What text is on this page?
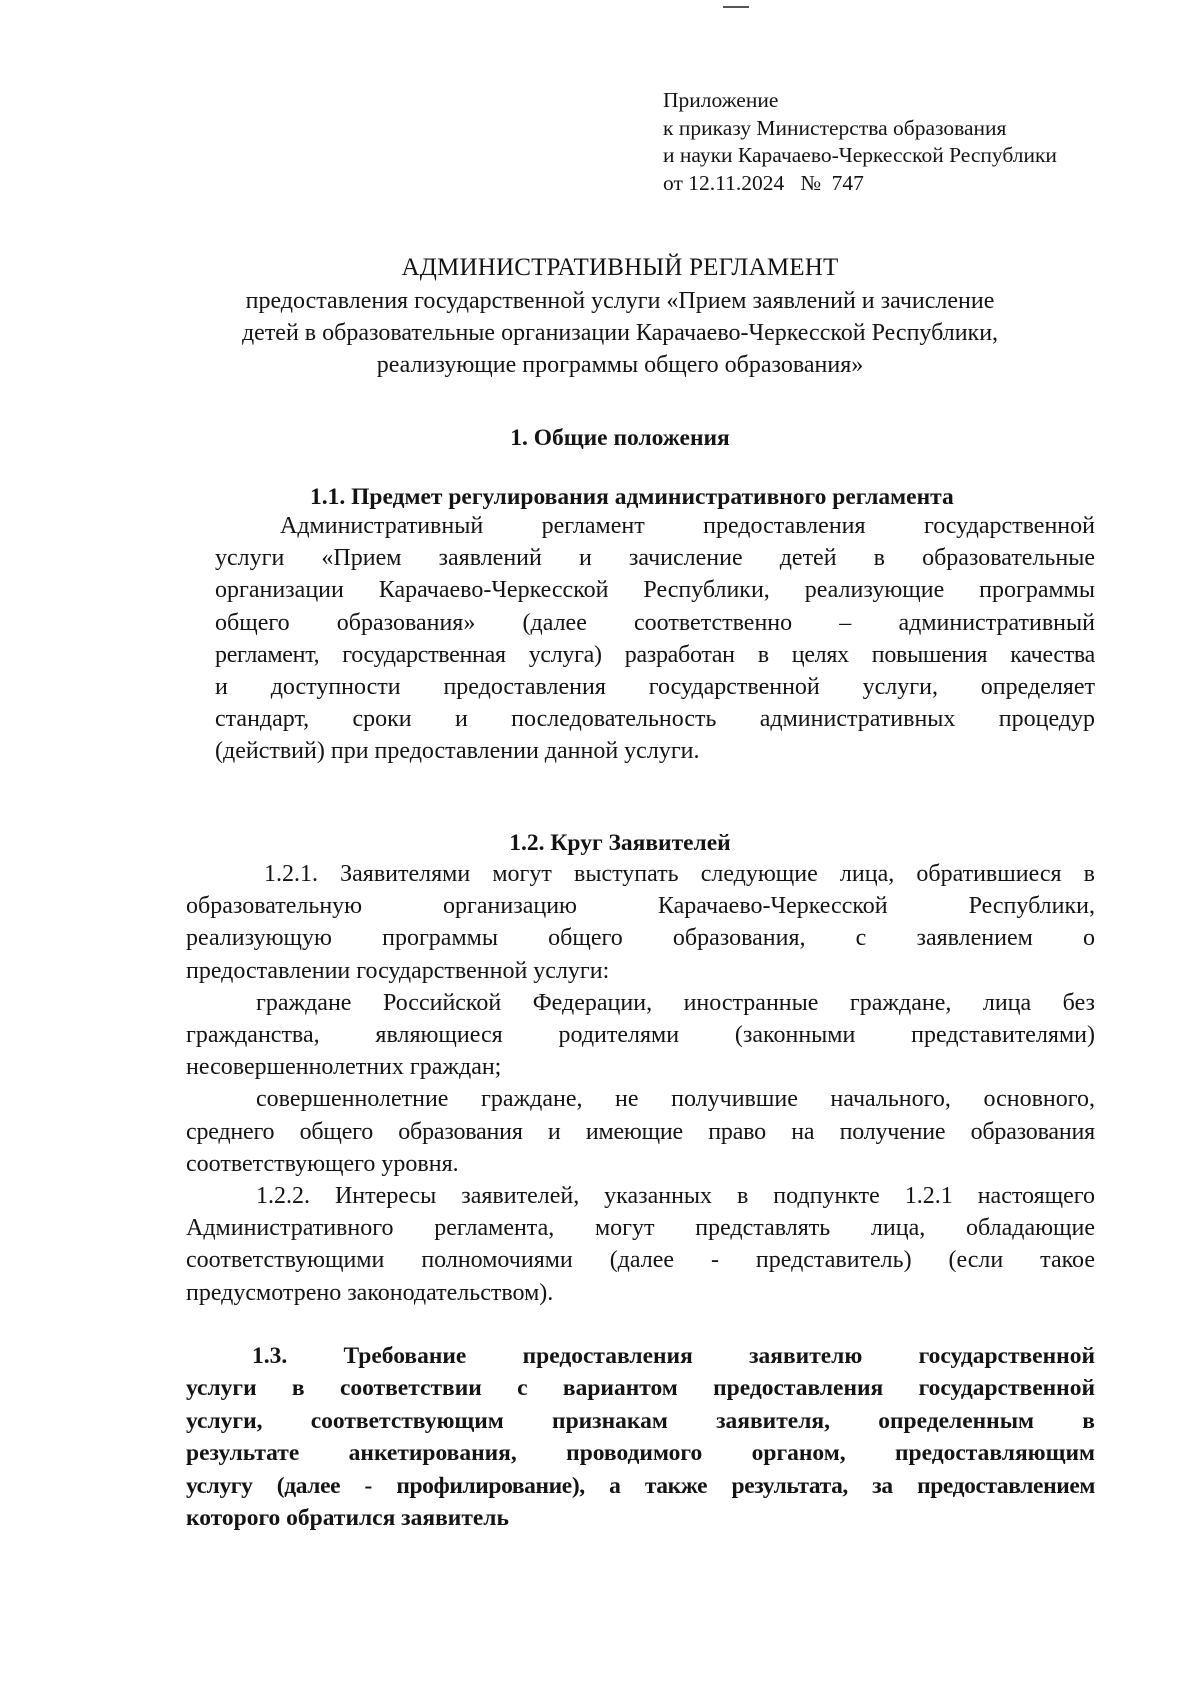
Приложение
к приказу Министерства образования
и науки Карачаево-Черкесской Республики
от 12.11.2024   №  747
АДМИНИСТРАТИВНЫЙ РЕГЛАМЕНТ
предоставления государственной услуги «Прием заявлений и зачисление
детей в образовательные организации Карачаево-Черкесской Республики,
реализующие программы общего образования»
1. Общие положения
1.1. Предмет регулирования административного регламента
Административный   регламент   предоставления   государственной
услуги «Прием заявлений и зачисление детей в образовательные
организации Карачаево-Черкесской Республики, реализующие программы
общего образования» (далее соответственно – административный
регламент, государственная услуга) разработан в целях повышения качества
и доступности предоставления государственной услуги, определяет
стандарт, сроки и последовательность административных процедур
(действий) при предоставлении данной услуги.
1.2. Круг Заявителей
1.2.1. Заявителями могут выступать следующие лица, обратившиеся в
образовательную организацию Карачаево-Черкесской Республики,
реализующую программы общего образования, с заявлением о
предоставлении государственной услуги:
граждане Российской Федерации, иностранные граждане, лица без
гражданства, являющиеся родителями (законными представителями)
несовершеннолетних граждан;
совершеннолетние граждане, не получившие начального, основного,
среднего общего образования и имеющие право на получение образования
соответствующего уровня.
1.2.2. Интересы заявителей, указанных в подпункте 1.2.1 настоящего
Административного регламента, могут представлять лица, обладающие
соответствующими полномочиями (далее - представитель) (если такое
предусмотрено законодательством).
1.3.   Требование   предоставления   заявителю   государственной
услуги в соответствии с вариантом предоставления государственной
услуги, соответствующим признакам заявителя, определенным в
результате анкетирования, проводимого органом, предоставляющим
услугу (далее - профилирование), а также результата, за предоставлением
которого обратился заявитель
